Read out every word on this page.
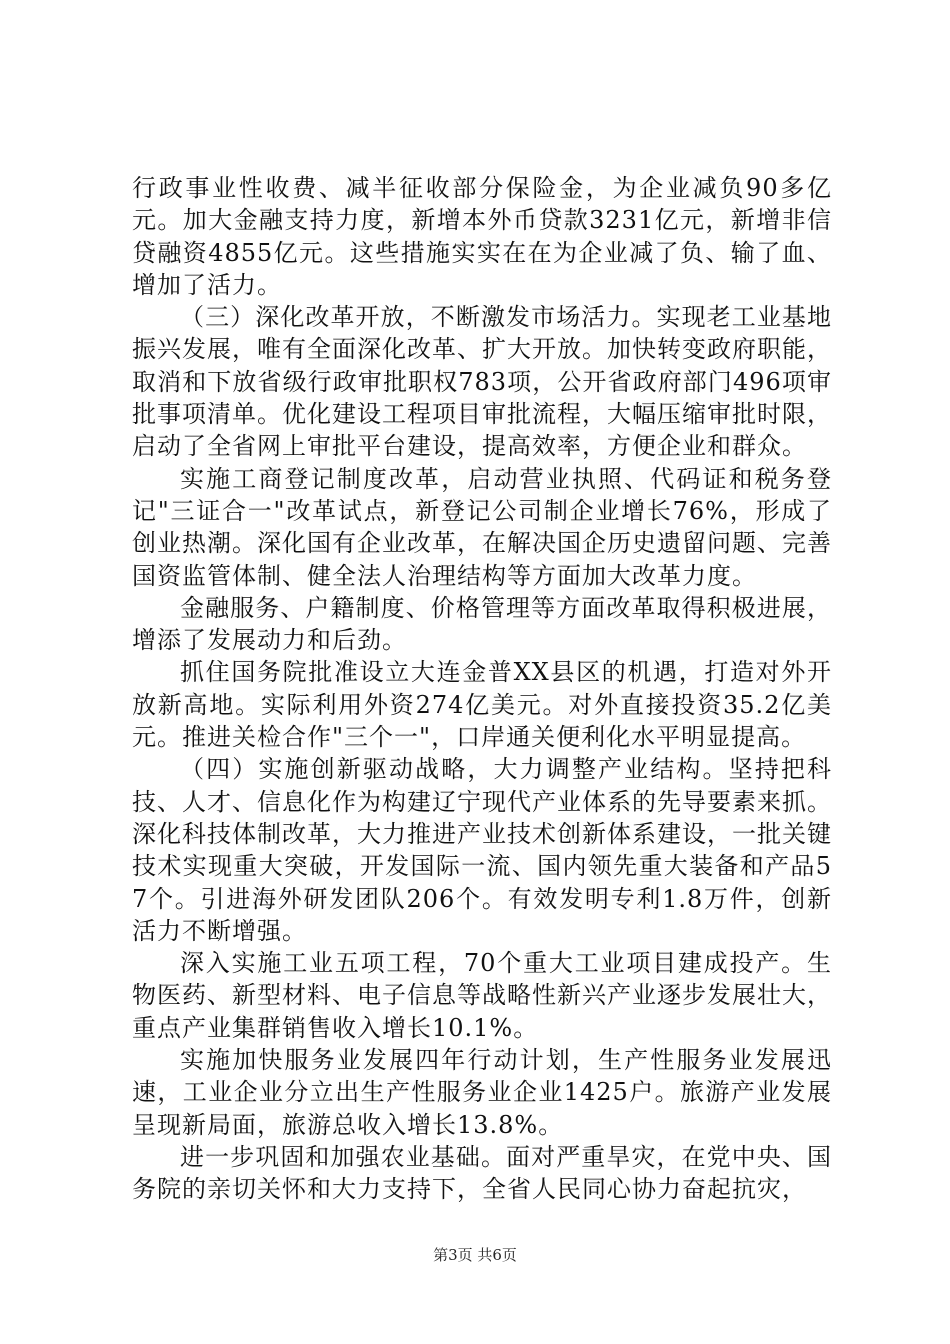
行政事业性收费、减半征收部分保险金，为企业减负90多亿元。加大金融支持力度，新增本外币贷款3231亿元，新增非信贷融资4855亿元。这些措施实实在在为企业减了负、输了血、增加了活力。

（三）深化改革开放，不断激发市场活力。实现老工业基地振兴发展，唯有全面深化改革、扩大开放。加快转变政府职能，取消和下放省级行政审批职权783项，公开省政府部门496项审批事项清单。优化建设工程项目审批流程，大幅压缩审批时限，启动了全省网上审批平台建设，提高效率，方便企业和群众。

实施工商登记制度改革，启动营业执照、代码证和税务登记"三证合一"改革试点，新登记公司制企业增长76%，形成了创业热潮。深化国有企业改革，在解决国企历史遗留问题、完善国资监管体制、健全法人治理结构等方面加大改革力度。

金融服务、户籍制度、价格管理等方面改革取得积极进展，增添了发展动力和后劲。

抓住国务院批准设立大连金普XX县区的机遇，打造对外开放新高地。实际利用外资274亿美元。对外直接投资35.2亿美元。推进关检合作"三个一"，口岸通关便利化水平明显提高。

（四）实施创新驱动战略，大力调整产业结构。坚持把科技、人才、信息化作为构建辽宁现代产业体系的先导要素来抓。深化科技体制改革，大力推进产业技术创新体系建设，一批关键技术实现重大突破，开发国际一流、国内领先重大装备和产品57个。引进海外研发团队206个。有效发明专利1.8万件，创新活力不断增强。

深入实施工业五项工程，70个重大工业项目建成投产。生物医药、新型材料、电子信息等战略性新兴产业逐步发展壮大，重点产业集群销售收入增长10.1%。

实施加快服务业发展四年行动计划，生产性服务业发展迅速，工业企业分立出生产性服务业企业1425户。旅游产业发展呈现新局面，旅游总收入增长13.8%。

进一步巩固和加强农业基础。面对严重旱灾，在党中央、国务院的亲切关怀和大力支持下，全省人民同心协力奋起抗灾，

第3页 共6页
